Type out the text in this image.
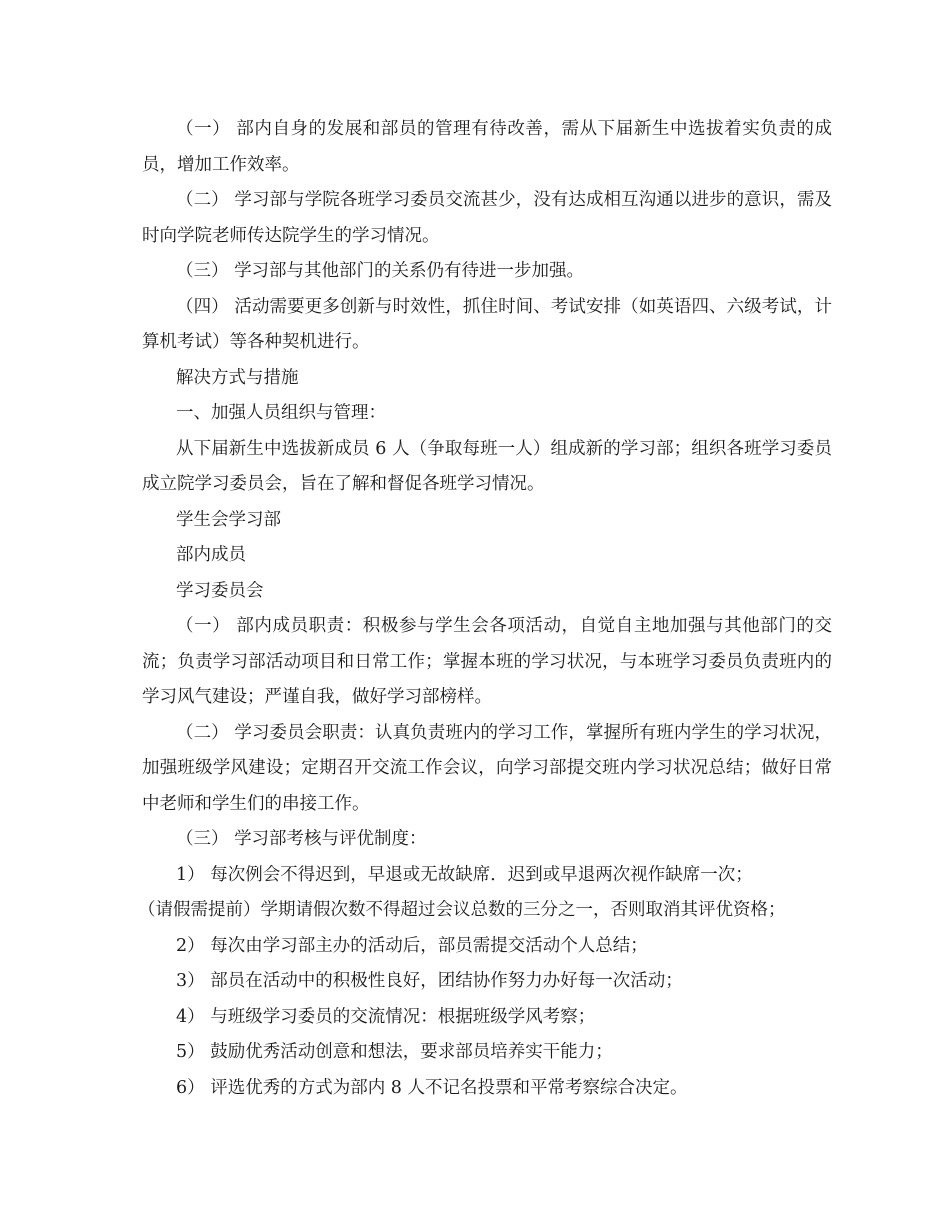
（一） 部内自身的发展和部员的管理有待改善，需从下届新生中选拔着实负责的成员，增加工作效率。

（二） 学习部与学院各班学习委员交流甚少，没有达成相互沟通以进步的意识，需及时向学院老师传达院学生的学习情况。

（三） 学习部与其他部门的关系仍有待进一步加强。

（四） 活动需要更多创新与时效性，抓住时间、考试安排（如英语四、六级考试，计算机考试）等各种契机进行。

解决方式与措施

一、加强人员组织与管理：

从下届新生中选拔新成员 6 人（争取每班一人）组成新的学习部；组织各班学习委员成立院学习委员会，旨在了解和督促各班学习情况。

学生会学习部

部内成员

学习委员会

（一） 部内成员职责：积极参与学生会各项活动，自觉自主地加强与其他部门的交流；负责学习部活动项目和日常工作；掌握本班的学习状况，与本班学习委员负责班内的学习风气建设；严谨自我，做好学习部榜样。

（二） 学习委员会职责：认真负责班内的学习工作，掌握所有班内学生的学习状况，加强班级学风建设；定期召开交流工作会议，向学习部提交班内学习状况总结；做好日常中老师和学生们的串接工作。

（三） 学习部考核与评优制度：

1） 每次例会不得迟到，早退或无故缺席．迟到或早退两次视作缺席一次；

（请假需提前）学期请假次数不得超过会议总数的三分之一，否则取消其评优资格；

2） 每次由学习部主办的活动后，部员需提交活动个人总结；

3） 部员在活动中的积极性良好，团结协作努力办好每一次活动；

4） 与班级学习委员的交流情况：根据班级学风考察；

5） 鼓励优秀活动创意和想法，要求部员培养实干能力；

6） 评选优秀的方式为部内 8 人不记名投票和平常考察综合决定。
